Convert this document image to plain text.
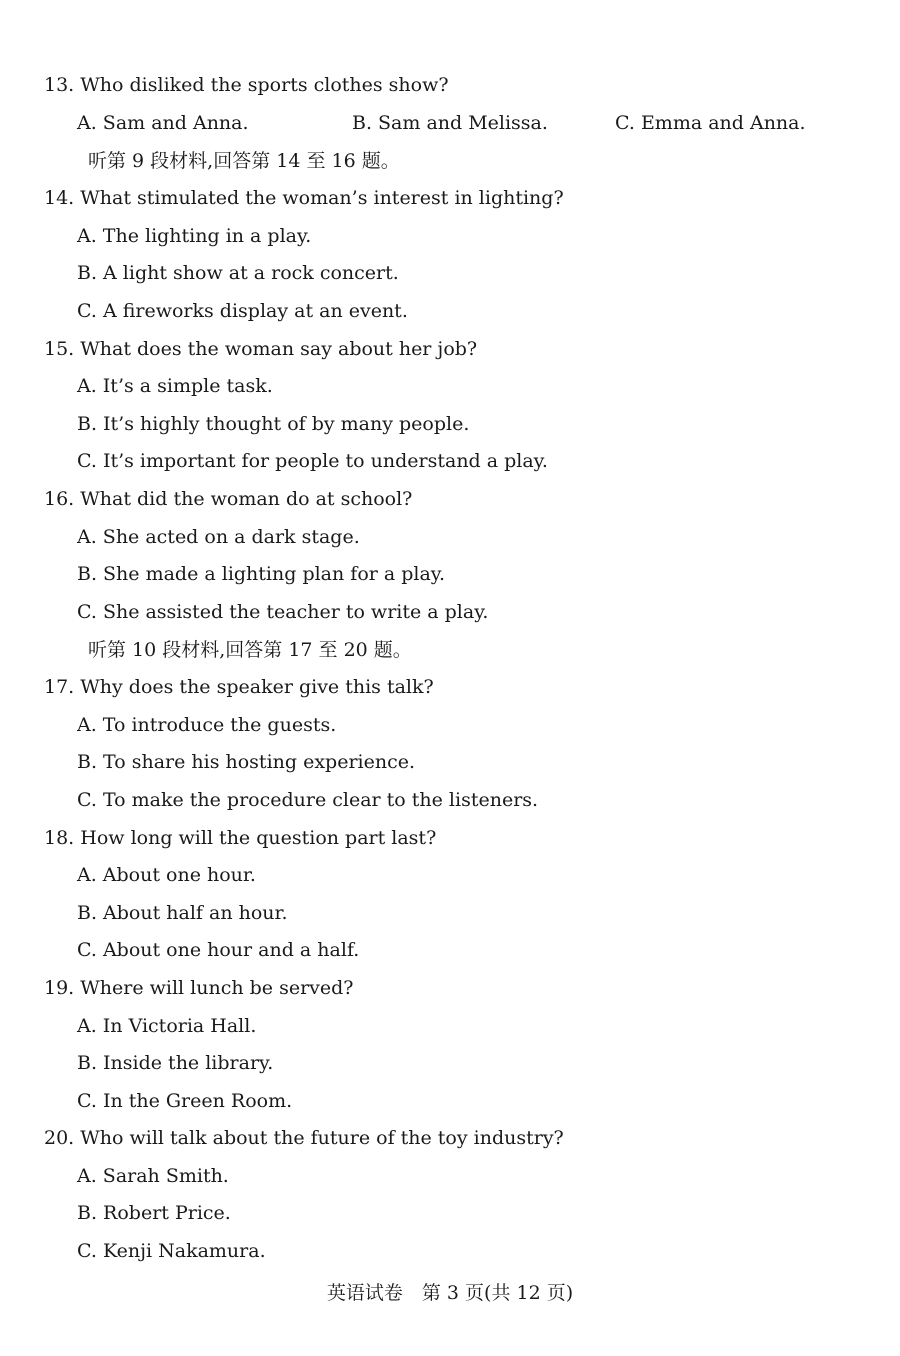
13. Who disliked the sports clothes show?
A. Sam and Anna.	B. Sam and Melissa.	C. Emma and Anna.
听第 9 段材料,回答第 14 至 16 题。
14. What stimulated the woman’s interest in lighting?
A. The lighting in a play.
B. A light show at a rock concert.
C. A fireworks display at an event.
15. What does the woman say about her job?
A. It’s a simple task.
B. It’s highly thought of by many people.
C. It’s important for people to understand a play.
16. What did the woman do at school?
A. She acted on a dark stage.
B. She made a lighting plan for a play.
C. She assisted the teacher to write a play.
听第 10 段材料,回答第 17 至 20 题。
17. Why does the speaker give this talk?
A. To introduce the guests.
B. To share his hosting experience.
C. To make the procedure clear to the listeners.
18. How long will the question part last?
A. About one hour.
B. About half an hour.
C. About one hour and a half.
19. Where will lunch be served?
A. In Victoria Hall.
B. Inside the library.
C. In the Green Room.
20. Who will talk about the future of the toy industry?
A. Sarah Smith.
B. Robert Price.
C. Kenji Nakamura.
英语试卷　第 3 页(共 12 页)
